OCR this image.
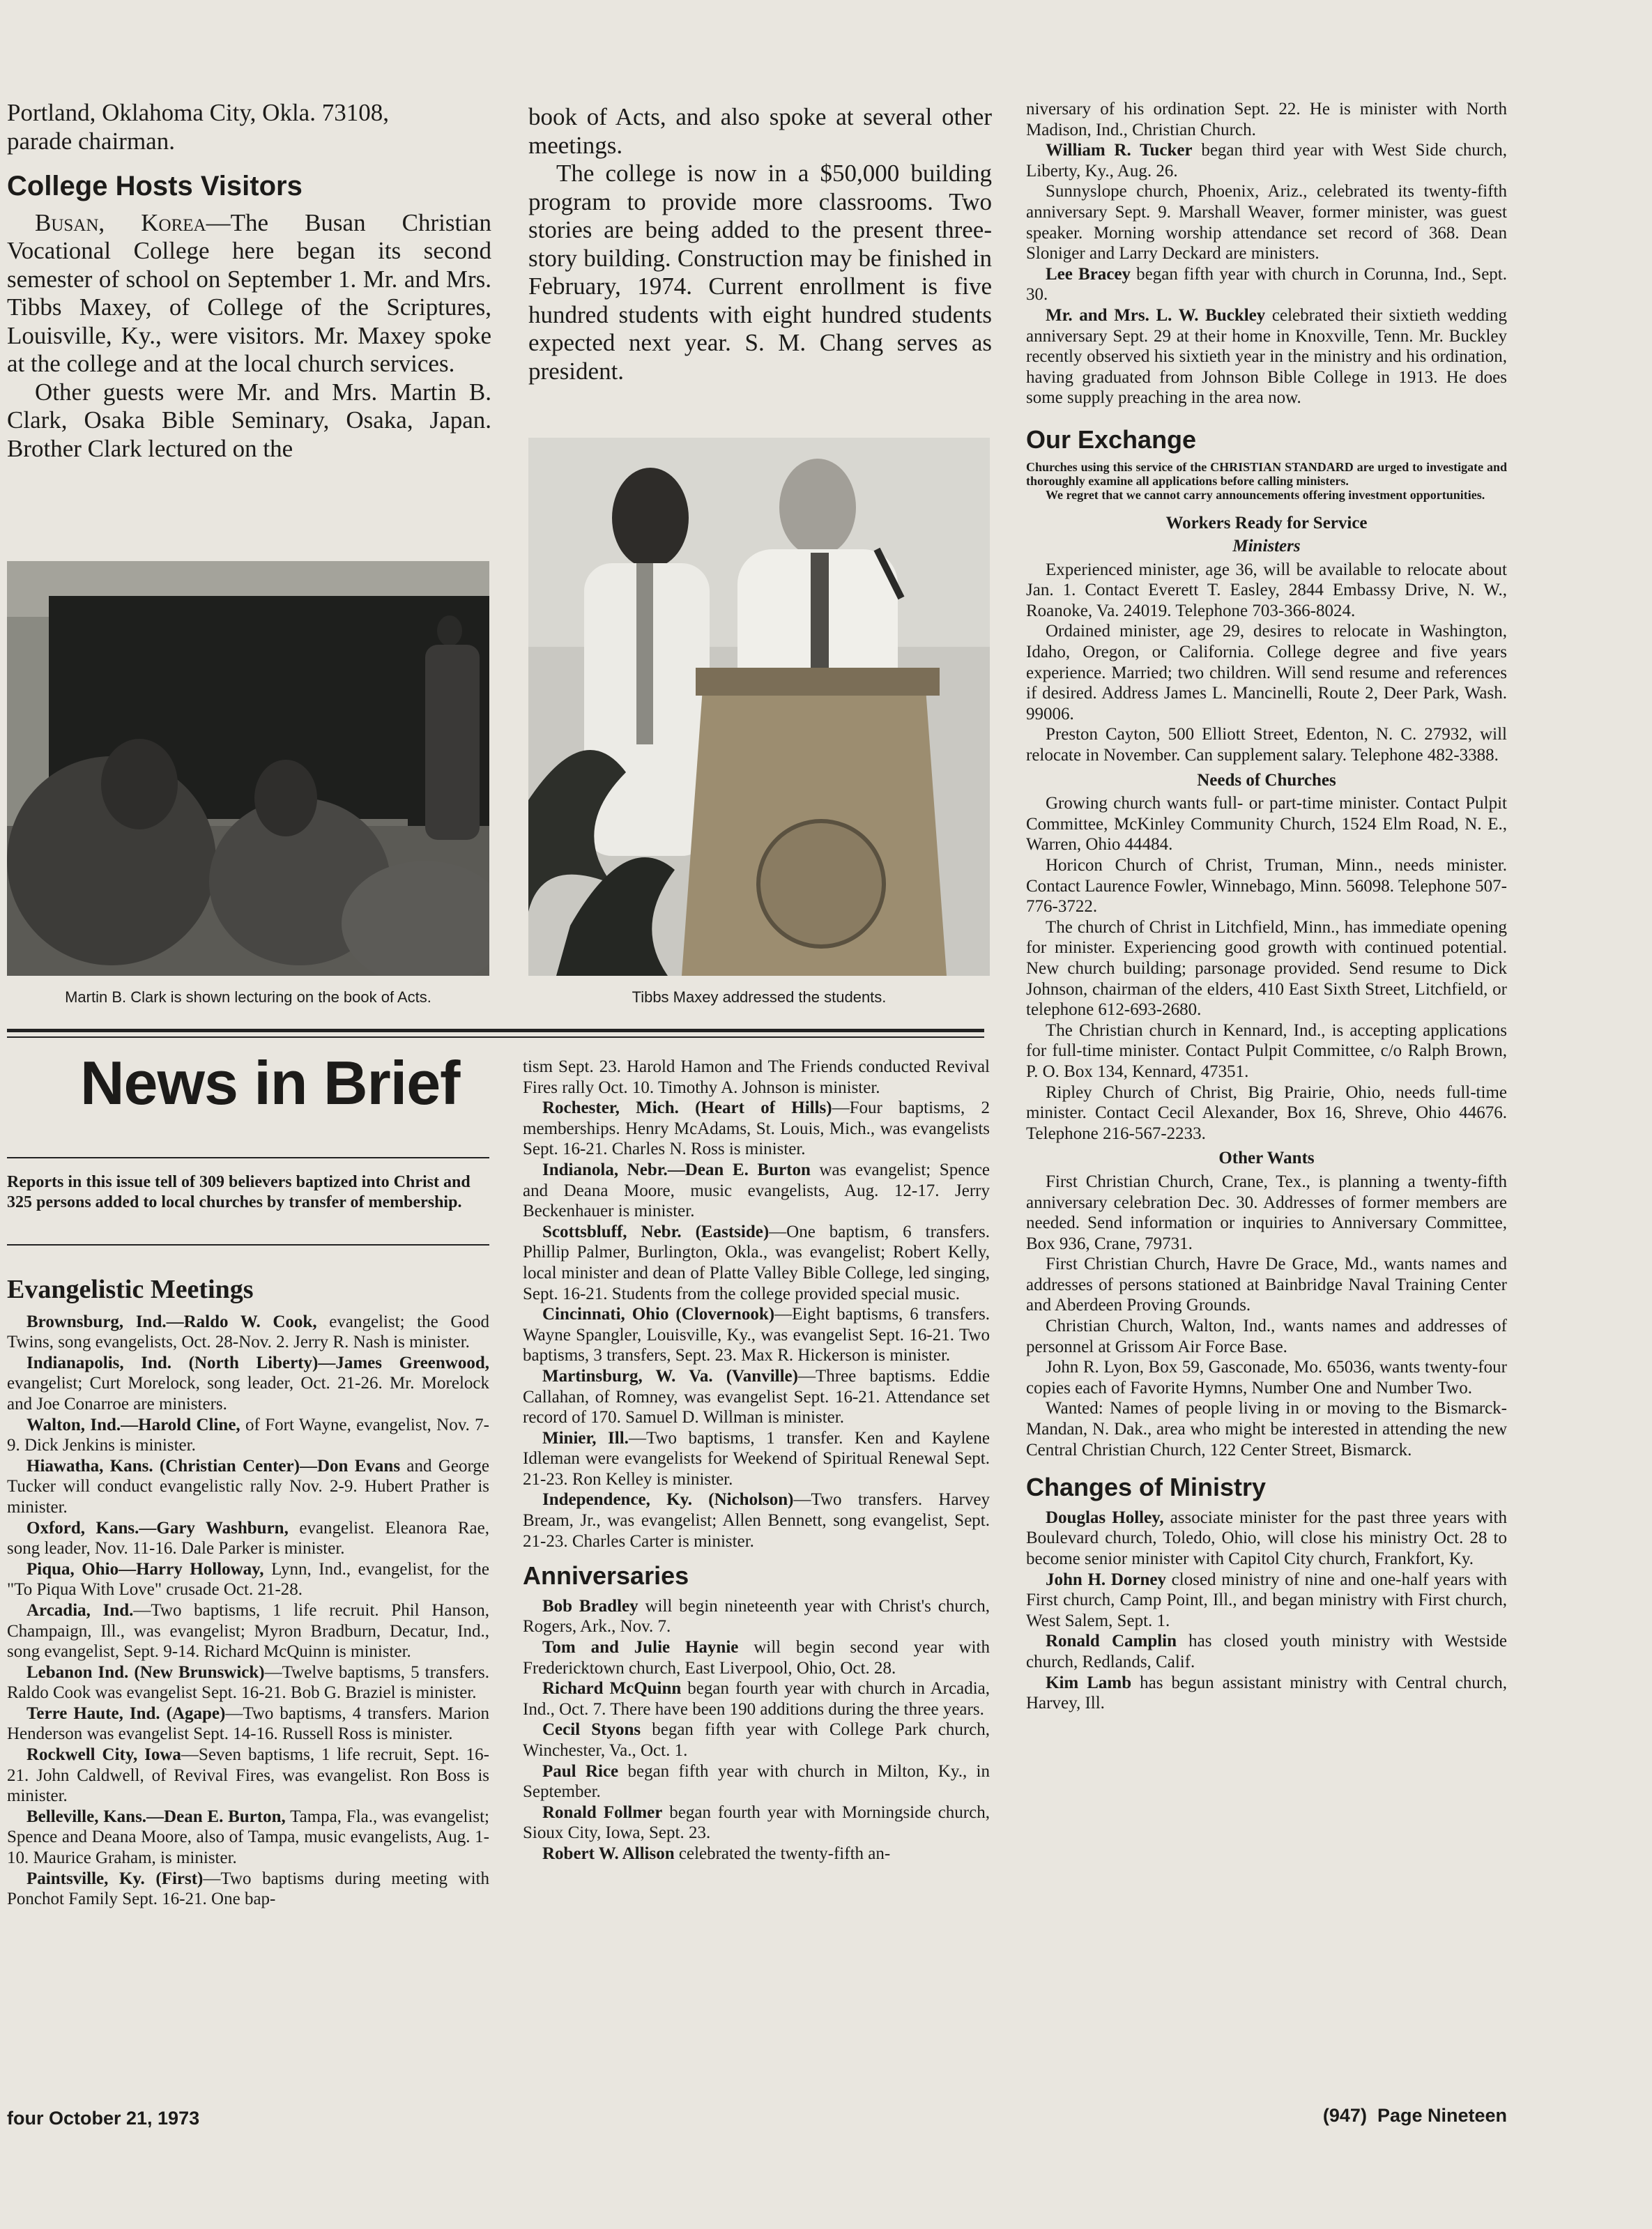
Portland, Oklahoma City, Okla. 73108,

parade chairman.

College Hosts Visitors

Busan, Korea—The Busan Christian Vocational College here began its second semester of school on September 1. Mr. and Mrs. Tibbs Maxey, of College of the Scriptures, Louisville, Ky., were visitors. Mr. Maxey spoke at the college and at the local church services.

Other guests were Mr. and Mrs. Martin B. Clark, Osaka Bible Seminary, Osaka, Japan. Brother Clark lectured on the

book of Acts, and also spoke at several other meetings.

The college is now in a $50,000 building program to provide more classrooms. Two stories are being added to the present three-story building. Construction may be finished in February, 1974. Current enrollment is five hundred students with eight hundred students expected next year. S. M. Chang serves as president.

Martin B. Clark is shown lecturing on the book of Acts.	Tibbs Maxey addressed the students.
News in Brief
Reports in this issue tell of 309 believers baptized into Christ and 325 persons added to local churches by transfer of membership.
Evangelistic Meetings

Brownsburg, Ind.—Raldo W. Cook, evangelist; the Good Twins, song evangelists, Oct. 28-Nov. 2. Jerry R. Nash is minister.

Indianapolis, Ind. (North Liberty)—James Greenwood, evangelist; Curt Morelock, song leader, Oct. 21-26. Mr. Morelock and Joe Conarroe are ministers.

Walton, Ind.—Harold Cline, of Fort Wayne, evangelist, Nov. 7-9. Dick Jenkins is minister.

Hiawatha, Kans. (Christian Center)—Don Evans and George Tucker will conduct evangelistic rally Nov. 2-9. Hubert Prather is minister.

Oxford, Kans.—Gary Washburn, evangelist. Eleanora Rae, song leader, Nov. 11-16. Dale Parker is minister.

Piqua, Ohio—Harry Holloway, Lynn, Ind., evangelist, for the "To Piqua With Love" crusade Oct. 21-28.

Arcadia, Ind.—Two baptisms, 1 life recruit. Phil Hanson, Champaign, Ill., was evangelist; Myron Bradburn, Decatur, Ind., song evangelist, Sept. 9-14. Richard McQuinn is minister.

Lebanon Ind. (New Brunswick)—Twelve baptisms, 5 transfers. Raldo Cook was evangelist Sept. 16-21. Bob G. Braziel is minister.

Terre Haute, Ind. (Agape)—Two baptisms, 4 transfers. Marion Henderson was evangelist Sept. 14-16. Russell Ross is minister.

Rockwell City, Iowa—Seven baptisms, 1 life recruit, Sept. 16-21. John Caldwell, of Revival Fires, was evangelist. Ron Boss is minister.

Belleville, Kans.—Dean E. Burton, Tampa, Fla., was evangelist; Spence and Deana Moore, also of Tampa, music evangelists, Aug. 1-10. Maurice Graham, is minister.

Paintsville, Ky. (First)—Two baptisms during meeting with Ponchot Family Sept. 16-21. One bap-

tism Sept. 23. Harold Hamon and The Friends conducted Revival Fires rally Oct. 10. Timothy A. Johnson is minister.

Rochester, Mich. (Heart of Hills)—Four baptisms, 2 memberships. Henry McAdams, St. Louis, Mich., was evangelists Sept. 16-21. Charles N. Ross is minister.

Indianola, Nebr.—Dean E. Burton was evangelist; Spence and Deana Moore, music evangelists, Aug. 12-17. Jerry Beckenhauer is minister.

Scottsbluff, Nebr. (Eastside)—One baptism, 6 transfers. Phillip Palmer, Burlington, Okla., was evangelist; Robert Kelly, local minister and dean of Platte Valley Bible College, led singing, Sept. 16-21. Students from the college provided special music.

Cincinnati, Ohio (Clovernook)—Eight baptisms, 6 transfers. Wayne Spangler, Louisville, Ky., was evangelist Sept. 16-21. Two baptisms, 3 transfers, Sept. 23. Max R. Hickerson is minister.

Martinsburg, W. Va. (Vanville)—Three baptisms. Eddie Callahan, of Romney, was evangelist Sept. 16-21. Attendance set record of 170. Samuel D. Willman is minister.

Minier, Ill.—Two baptisms, 1 transfer. Ken and Kaylene Idleman were evangelists for Weekend of Spiritual Renewal Sept. 21-23. Ron Kelley is minister.

Independence, Ky. (Nicholson)—Two transfers. Harvey Bream, Jr., was evangelist; Allen Bennett, song evangelist, Sept. 21-23. Charles Carter is minister.

Anniversaries

Bob Bradley will begin nineteenth year with Christ's church, Rogers, Ark., Nov. 7.

Tom and Julie Haynie will begin second year with Fredericktown church, East Liverpool, Ohio, Oct. 28.

Richard McQuinn began fourth year with church in Arcadia, Ind., Oct. 7. There have been 190 additions during the three years.

Cecil Styons began fifth year with College Park church, Winchester, Va., Oct. 1.

Paul Rice began fifth year with church in Milton, Ky., in September.

Ronald Follmer began fourth year with Morningside church, Sioux City, Iowa, Sept. 23.

Robert W. Allison celebrated the twenty-fifth an-

niversary of his ordination Sept. 22. He is minister with North Madison, Ind., Christian Church.

William R. Tucker began third year with West Side church, Liberty, Ky., Aug. 26.

Sunnyslope church, Phoenix, Ariz., celebrated its twenty-fifth anniversary Sept. 9. Marshall Weaver, former minister, was guest speaker. Morning worship attendance set record of 368. Dean Sloniger and Larry Deckard are ministers.

Lee Bracey began fifth year with church in Corunna, Ind., Sept. 30.

Mr. and Mrs. L. W. Buckley celebrated their sixtieth wedding anniversary Sept. 29 at their home in Knoxville, Tenn. Mr. Buckley recently observed his sixtieth year in the ministry and his ordination, having graduated from Johnson Bible College in 1913. He does some supply preaching in the area now.

Our Exchange

Churches using this service of the CHRISTIAN STANDARD are urged to investigate and thoroughly examine all applications before calling ministers.

We regret that we cannot carry announcements offering investment opportunities.

Workers Ready for Service
Ministers

Experienced minister, age 36, will be available to relocate about Jan. 1. Contact Everett T. Easley, 2844 Embassy Drive, N. W., Roanoke, Va. 24019. Telephone 703-366-8024.

Ordained minister, age 29, desires to relocate in Washington, Idaho, Oregon, or California. College degree and five years experience. Married; two children. Will send resume and references if desired. Address James L. Mancinelli, Route 2, Deer Park, Wash. 99006.

Preston Cayton, 500 Elliott Street, Edenton, N. C. 27932, will relocate in November. Can supplement salary. Telephone 482-3388.

Needs of Churches

Growing church wants full- or part-time minister. Contact Pulpit Committee, McKinley Community Church, 1524 Elm Road, N. E., Warren, Ohio 44484.

Horicon Church of Christ, Truman, Minn., needs minister. Contact Laurence Fowler, Winnebago, Minn. 56098. Telephone 507-776-3722.

The church of Christ in Litchfield, Minn., has immediate opening for minister. Experiencing good growth with continued potential. New church building; parsonage provided. Send resume to Dick Johnson, chairman of the elders, 410 East Sixth Street, Litchfield, or telephone 612-693-2680.

The Christian church in Kennard, Ind., is accepting applications for full-time minister. Contact Pulpit Committee, c/o Ralph Brown, P. O. Box 134, Kennard, 47351.

Ripley Church of Christ, Big Prairie, Ohio, needs full-time minister. Contact Cecil Alexander, Box 16, Shreve, Ohio 44676. Telephone 216-567-2233.

Other Wants

First Christian Church, Crane, Tex., is planning a twenty-fifth anniversary celebration Dec. 30. Addresses of former members are needed. Send information or inquiries to Anniversary Committee, Box 936, Crane, 79731.

First Christian Church, Havre De Grace, Md., wants names and addresses of persons stationed at Bainbridge Naval Training Center and Aberdeen Proving Grounds.

Christian Church, Walton, Ind., wants names and addresses of personnel at Grissom Air Force Base.

John R. Lyon, Box 59, Gasconade, Mo. 65036, wants twenty-four copies each of Favorite Hymns, Number One and Number Two.

Wanted: Names of people living in or moving to the Bismarck-Mandan, N. Dak., area who might be interested in attending the new Central Christian Church, 122 Center Street, Bismarck.

Changes of Ministry

Douglas Holley, associate minister for the past three years with Boulevard church, Toledo, Ohio, will close his ministry Oct. 28 to become senior minister with Capitol City church, Frankfort, Ky.

John H. Dorney closed ministry of nine and one-half years with First church, Camp Point, Ill., and began ministry with First church, West Salem, Sept. 1.

Ronald Camplin has closed youth ministry with Westside church, Redlands, Calif.

Kim Lamb has begun assistant ministry with Central church, Harvey, Ill.

four October 21, 1973	(947)  Page Nineteen
